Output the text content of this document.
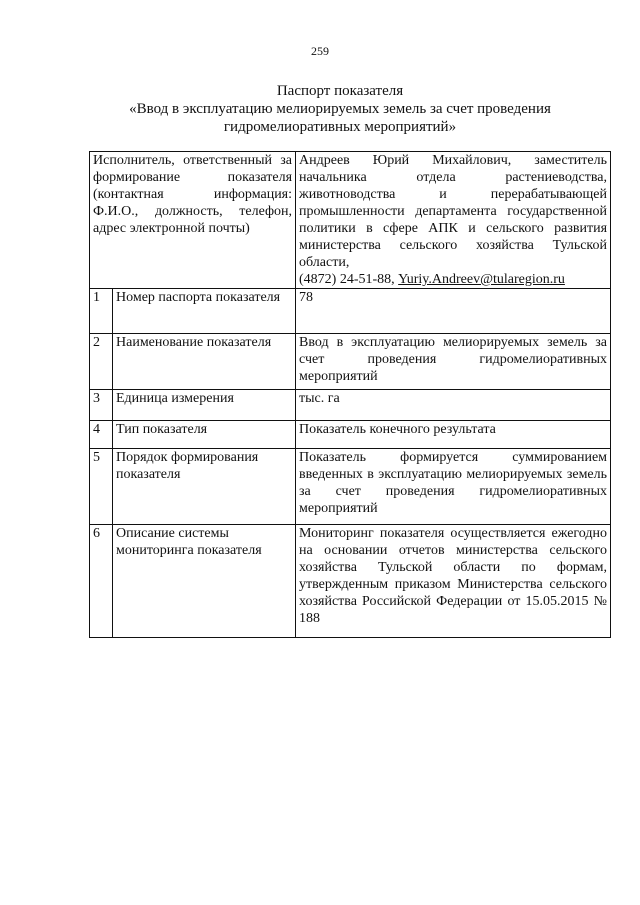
259
Паспорт показателя
«Ввод в эксплуатацию мелиорируемых земель за счет проведения
гидромелиоративных мероприятий»
Исполнитель, ответственный за формирование показателя (контактная информация: Ф.И.О., должность, телефон, адрес электронной почты)		Андреев Юрий Михайлович, заместитель начальника отдела растениеводства, животноводства и перерабатывающей промышленности департамента государственной политики в сфере АПК и сельского развития министерства сельского хозяйства Тульской области,
(4872) 24-51-88, Yuriy.Andreev@tularegion.ru
1	Номер паспорта показателя	78
2	Наименование показателя	Ввод в эксплуатацию мелиорируемых земель за счет проведения гидромелиоративных мероприятий
3	Единица измерения	тыс. га
4	Тип показателя	Показатель конечного результата
5	Порядок формирования показателя	Показатель формируется суммированием введенных в эксплуатацию мелиорируемых земель за счет проведения гидромелиоративных мероприятий
6	Описание системы мониторинга показателя	Мониторинг показателя осуществляется ежегодно на основании отчетов министерства сельского хозяйства Тульской области по формам, утвержденным приказом Министерства сельского хозяйства Российской Федерации от 15.05.2015 № 188
